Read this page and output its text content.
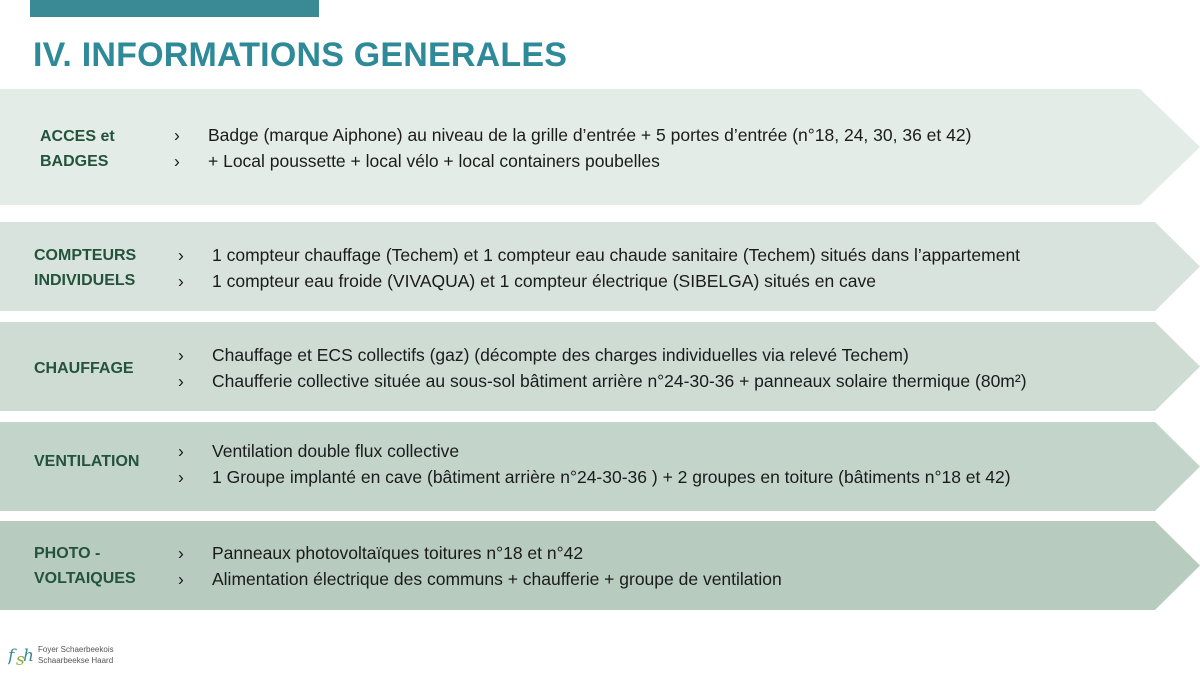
IV. INFORMATIONS GENERALES
ACCES et
BADGES
› Badge (marque Aiphone) au niveau de la grille d’entrée + 5 portes d’entrée (n°18, 24, 30, 36 et 42)
› + Local poussette + local vélo + local containers poubelles
COMPTEURS
INDIVIDUELS
› 1 compteur chauffage (Techem) et 1 compteur eau chaude sanitaire (Techem) situés dans l’appartement
› 1 compteur eau froide (VIVAQUA) et 1 compteur électrique (SIBELGA) situés en cave
CHAUFFAGE
› Chauffage et ECS collectifs (gaz) (décompte des charges individuelles via relevé Techem)
› Chaufferie collective située au sous-sol bâtiment arrière n°24-30-36 + panneaux solaire thermique (80m²)
VENTILATION
› Ventilation double flux collective
› 1 Groupe implanté en cave (bâtiment arrière n°24-30-36 ) + 2 groupes en toiture (bâtiments n°18 et 42)
PHOTO -
VOLTAIQUES
› Panneaux photovoltaïques toitures n°18 et n°42
› Alimentation électrique des communs + chaufferie + groupe de ventilation
f s
h Foyer Schaerbeekois
Schaarbeekse Haard
